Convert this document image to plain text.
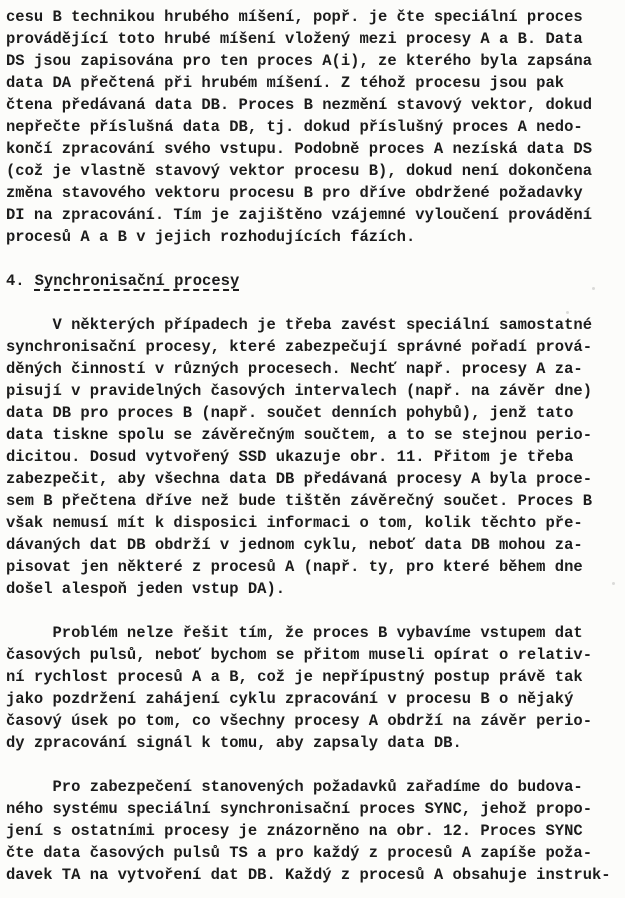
cesu B technikou hrubého míšení, popř. je čte speciální proces
provádějící toto hrubé míšení vložený mezi procesy A a B. Data
DS jsou zapisována pro ten proces A(i), ze kterého byla zapsána
data DA přečtená při hrubém míšení. Z téhož procesu jsou pak
čtena předávaná data DB. Proces B nezmění stavový vektor, dokud
nepřečte příslušná data DB, tj. dokud příslušný proces A nedo-
končí zpracování svého vstupu. Podobně proces A nezíská data DS
(což je vlastně stavový vektor procesu B), dokud není dokončena
změna stavového vektoru procesu B pro dříve obdržené požadavky
DI na zpracování. Tím je zajištěno vzájemné vyloučení provádění
procesů A a B v jejich rozhodujících fázích.
4. Synchronisační procesy
V některých případech je třeba zavést speciální samostatné
synchronisační procesy, které zabezpečují správné pořadí prová-
děných činností v různých procesech. Nechť např. procesy A za-
pisují v pravidelných časových intervalech (např. na závěr dne)
data DB pro proces B (např. součet denních pohybů), jenž tato
data tiskne spolu se závěrečným součtem, a to se stejnou perio-
dicitou. Dosud vytvořený SSD ukazuje obr. 11. Přitom je třeba
zabezpečit, aby všechna data DB předávaná procesy A byla proce-
sem B přečtena dříve než bude tištěn závěrečný součet. Proces B
však nemusí mít k disposici informaci o tom, kolik těchto pře-
dávaných dat DB obdrží v jednom cyklu, neboť data DB mohou za-
pisovat jen některé z procesů A (např. ty, pro které během dne
došel alespoň jeden vstup DA).
Problém nelze řešit tím, že proces B vybavíme vstupem dat
časových pulsů, neboť bychom se přitom museli opírat o relativ-
ní rychlost procesů A a B, což je nepřípustný postup právě tak
jako pozdržení zahájení cyklu zpracování v procesu B o nějaký
časový úsek po tom, co všechny procesy A obdrží na závěr perio-
dy zpracování signál k tomu, aby zapsaly data DB.
Pro zabezpečení stanovených požadavků zařadíme do budova-
ného systému speciální synchronisační proces SYNC, jehož propo-
jení s ostatními procesy je znázorněno na obr. 12. Proces SYNC
čte data časových pulsů TS a pro každý z procesů A zapíše poža-
davek TA na vytvoření dat DB. Každý z procesů A obsahuje instruk-
